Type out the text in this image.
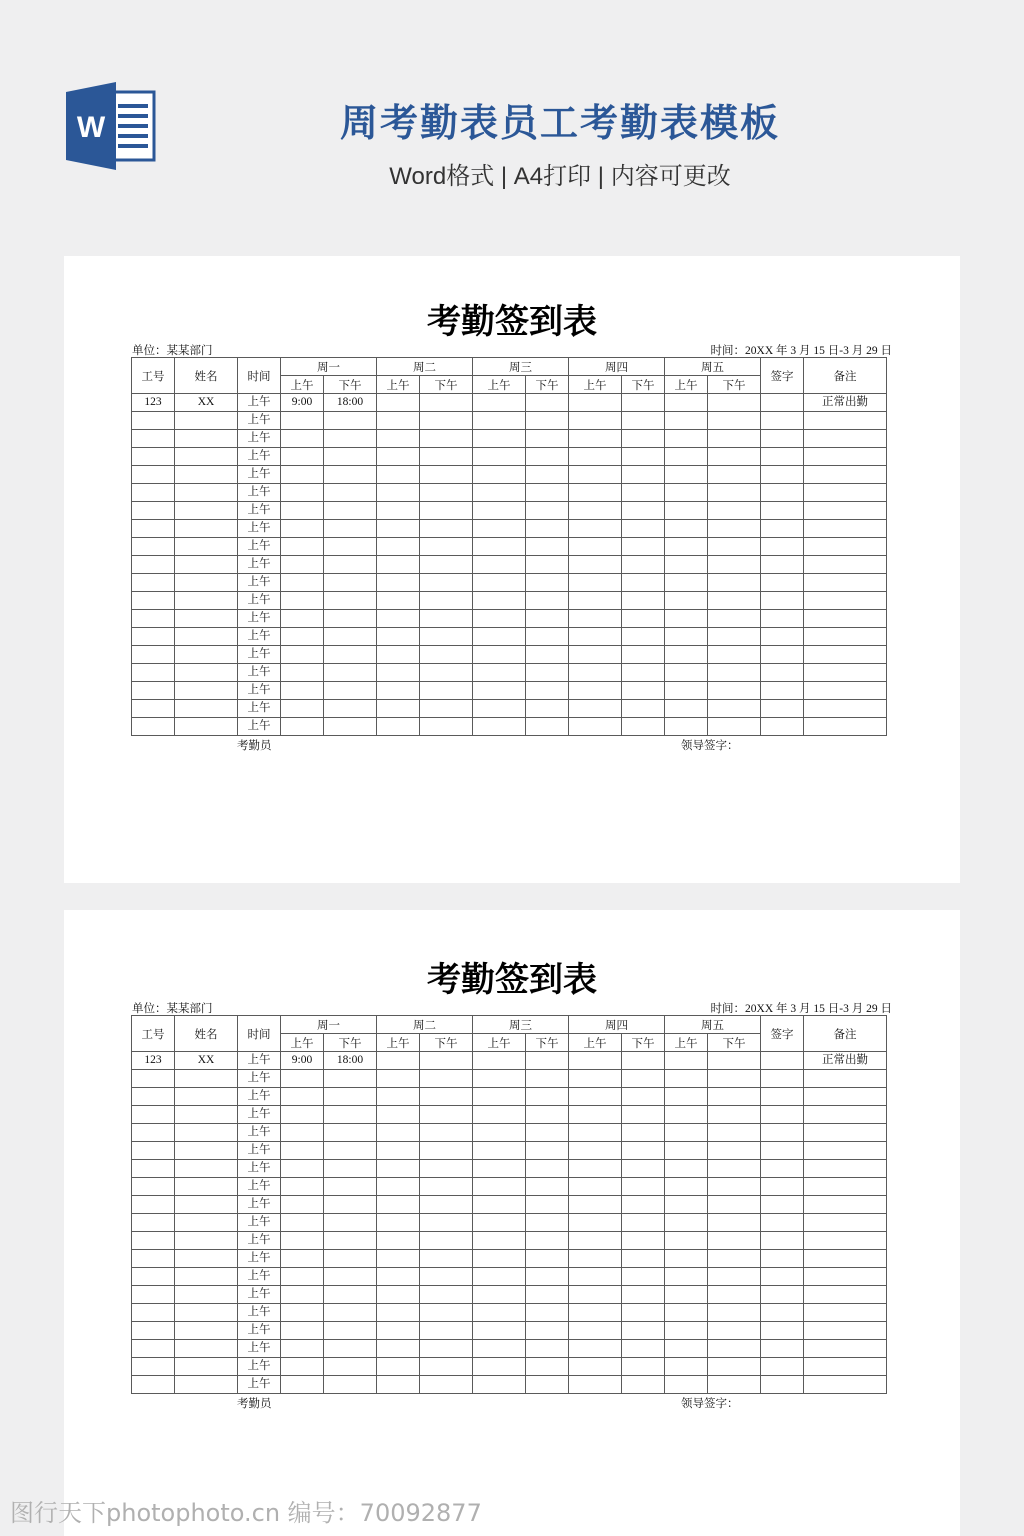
W	周考勤表员工考勤表模板
Word格式 | A4打印 | 内容可更改
考勤签到表
单位：某某部门	时间：20XX 年 3 月 15 日-3 月 29 日
工号	姓名	时间	周一		周二		周三		周四		周五		签字	备注
			上午	下午	上午	下午	上午	下午	上午	下午	上午	下午		
123	XX	上午	9:00	18:00										正常出勤
		上午												
		上午												
		上午												
		上午												
		上午												
		上午												
		上午												
		上午												
		上午												
		上午												
		上午												
		上午												
		上午												
		上午												
		上午												
		上午												
		上午												
		上午												
考勤员	领导签字：
考勤签到表
单位：某某部门	时间：20XX 年 3 月 15 日-3 月 29 日
工号	姓名	时间	周一		周二		周三		周四		周五		签字	备注
			上午	下午	上午	下午	上午	下午	上午	下午	上午	下午		
123	XX	上午	9:00	18:00										正常出勤
		上午												
		上午												
		上午												
		上午												
		上午												
		上午												
		上午												
		上午												
		上午												
		上午												
		上午												
		上午												
		上午												
		上午												
		上午												
		上午												
		上午												
		上午												
考勤员	领导签字：
图行天下photophoto.cn 编号：70092877
